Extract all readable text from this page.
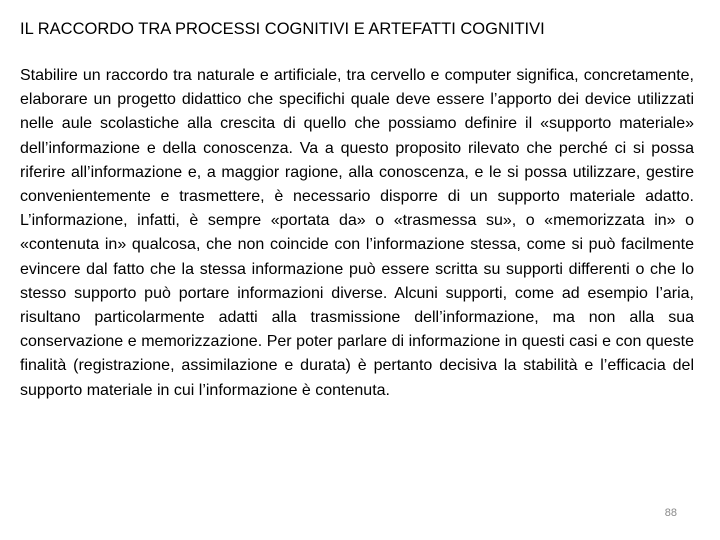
IL RACCORDO TRA PROCESSI COGNITIVI E ARTEFATTI COGNITIVI

Stabilire un raccordo tra naturale e artificiale, tra cervello e computer significa, concretamente, elaborare un progetto didattico che specifichi quale deve essere l’apporto dei device utilizzati nelle aule scolastiche alla crescita di quello che possiamo definire il «supporto materiale» dell’informazione e della conoscenza. Va a questo proposito rilevato che perché ci si possa riferire all’informazione e, a maggior ragione, alla conoscenza, e le si possa utilizzare, gestire convenientemente e trasmettere, è necessario disporre di un supporto materiale adatto. L’informazione, infatti, è sempre «portata da» o «trasmessa su», o «memorizzata in» o «contenuta in» qualcosa, che non coincide con l’informazione stessa, come si può facilmente evincere dal fatto che la stessa informazione può essere scritta su supporti differenti o che lo stesso supporto può portare informazioni diverse. Alcuni supporti, come ad esempio l’aria, risultano particolarmente adatti alla trasmissione dell’informazione, ma non alla sua conservazione e memorizzazione. Per poter parlare di informazione in questi casi e con queste finalità (registrazione, assimilazione e durata) è pertanto decisiva la stabilità e l’efficacia del supporto materiale in cui l’informazione è contenuta.

88
